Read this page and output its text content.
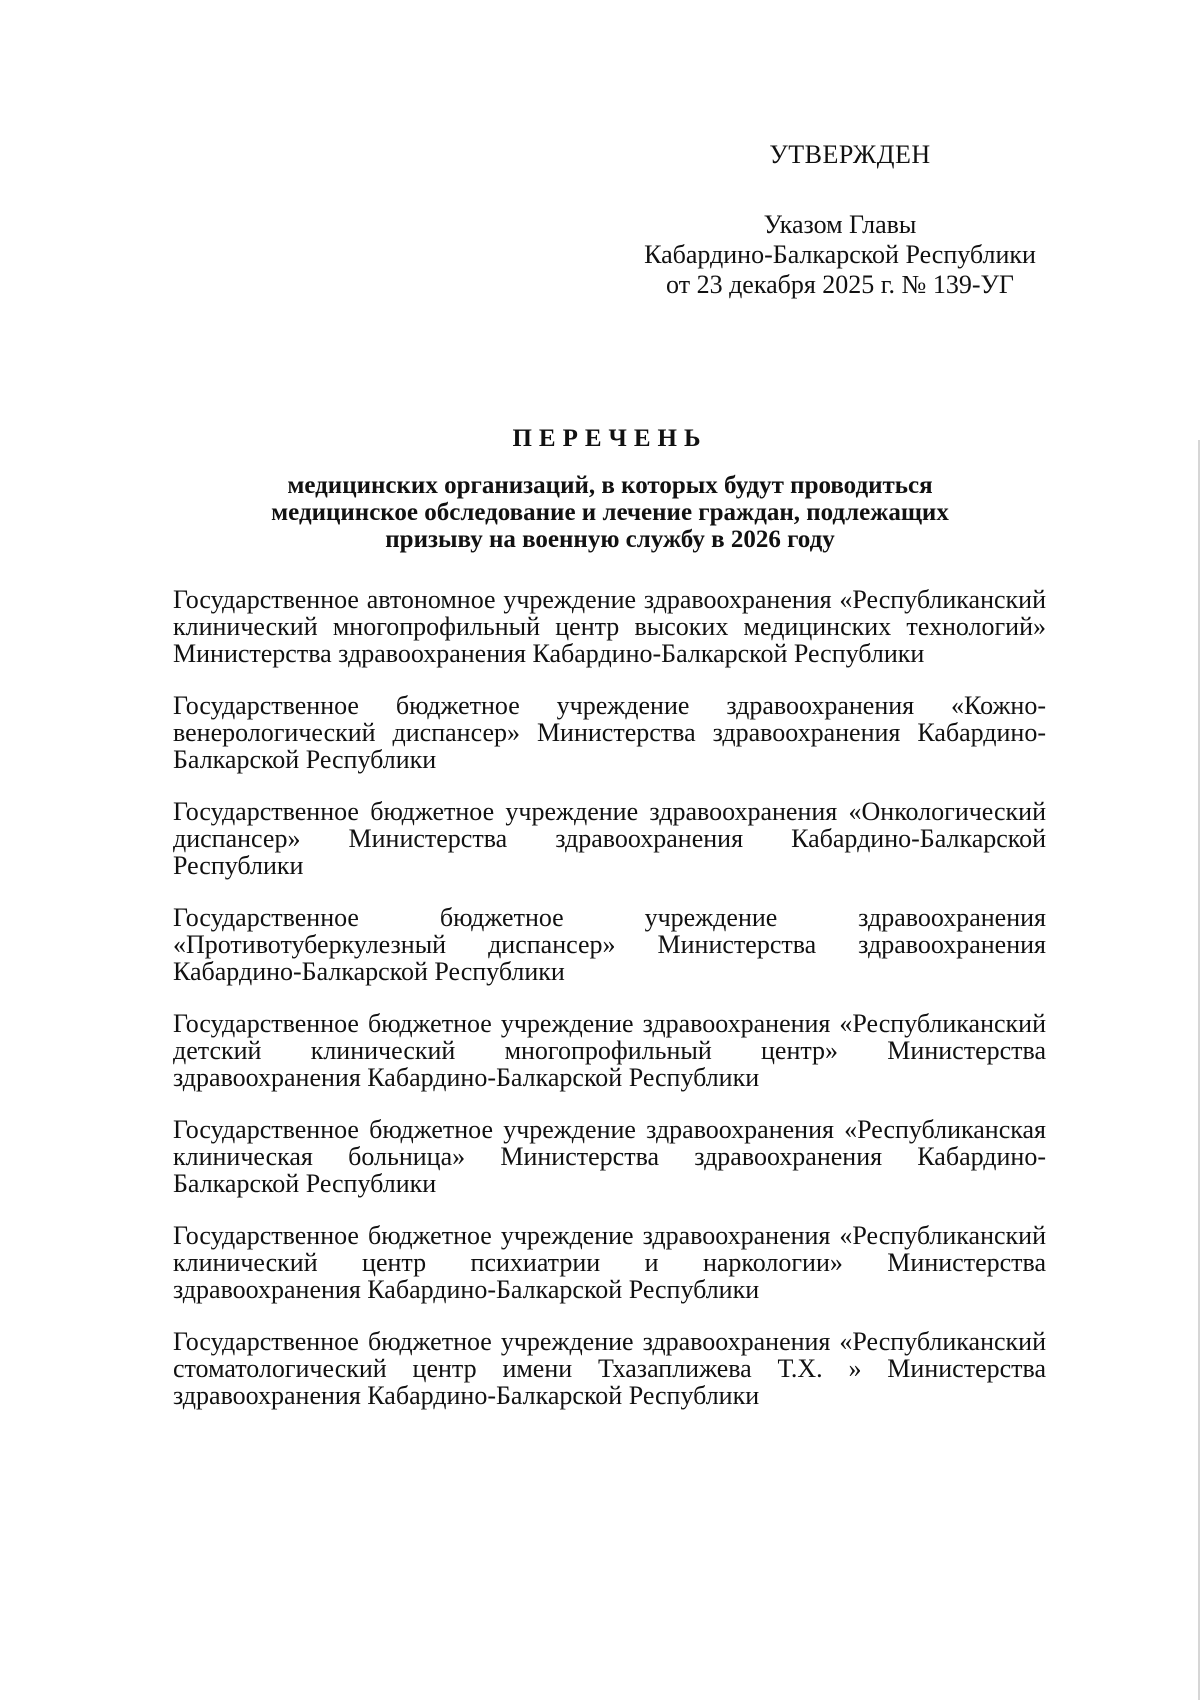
УТВЕРЖДЕН
Указом Главы
Кабардино-Балкарской Республики
от 23 декабря 2025 г. № 139-УГ
ПЕРЕЧЕНЬ
медицинских организаций, в которых будут проводиться
медицинское обследование и лечение граждан, подлежащих
призыву на военную службу в 2026 году
Государственное автономное учреждение здравоохранения «Республиканский клинический многопрофильный центр высоких медицинских технологий» Министерства здравоохранения Кабардино-Балкарской Республики
Государственное бюджетное учреждение здравоохранения «Кожно-венерологический диспансер» Министерства здравоохранения Кабардино-Балкарской Республики
Государственное бюджетное учреждение здравоохранения «Онкологический диспансер» Министерства здравоохранения Кабардино-Балкарской Республики
Государственное бюджетное учреждение здравоохранения «Противотуберкулезный диспансер» Министерства здравоохранения Кабардино-Балкарской Республики
Государственное бюджетное учреждение здравоохранения «Республиканский детский клинический многопрофильный центр» Министерства здравоохранения Кабардино-Балкарской Республики
Государственное бюджетное учреждение здравоохранения «Республиканская клиническая больница» Министерства здравоохранения Кабардино-Балкарской Республики
Государственное бюджетное учреждение здравоохранения «Республиканский клинический центр психиатрии и наркологии» Министерства здравоохранения Кабардино-Балкарской Республики
Государственное бюджетное учреждение здравоохранения «Республиканский стоматологический центр имени Тхазаплижева Т.Х. » Министерства здравоохранения Кабардино-Балкарской Республики
